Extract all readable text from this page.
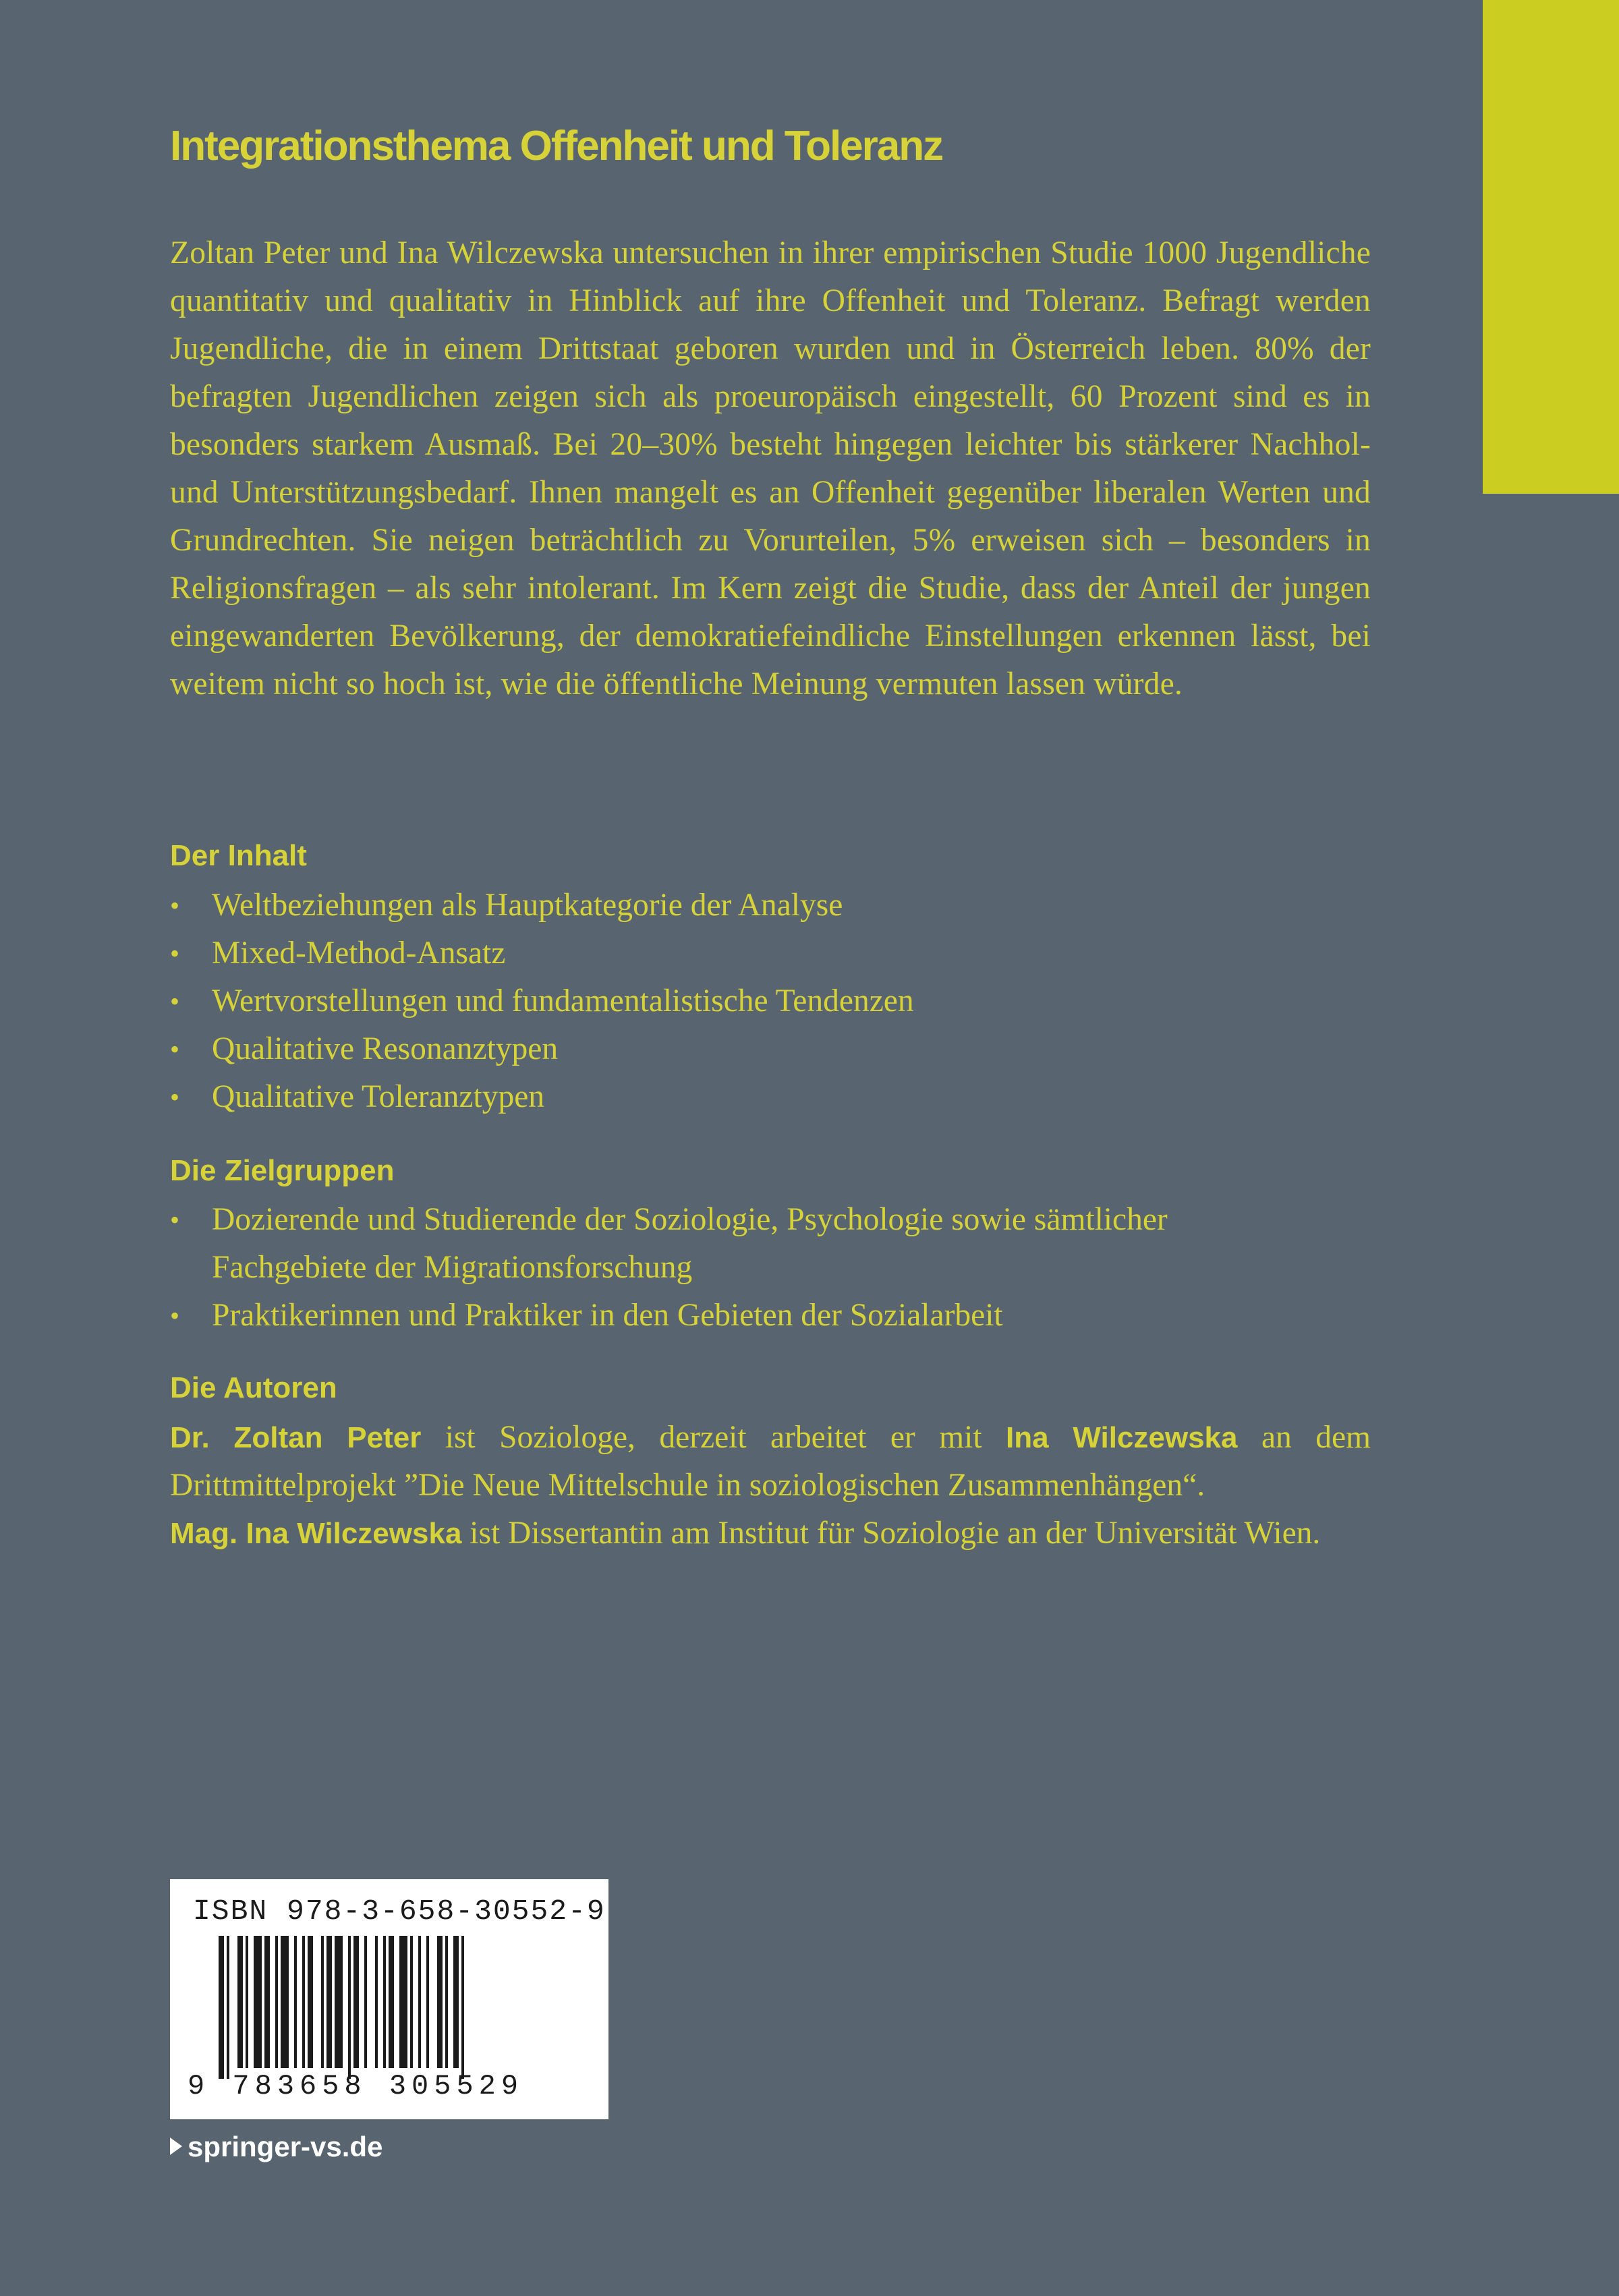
Integrationsthema Offenheit und Toleranz

Zoltan Peter und Ina Wilczewska untersuchen in ihrer empirischen Studie 1000 Jugendliche quantitativ und qualitativ in Hinblick auf ihre Offenheit und Toleranz. Befragt werden Jugendliche, die in einem Drittstaat geboren wurden und in Österreich leben. 80% der befragten Jugendlichen zeigen sich als proeuropäisch eingestellt, 60 Prozent sind es in besonders starkem Ausmaß. Bei 20–30% besteht hingegen leichter bis stärkerer Nachhol- und Unterstützungsbedarf. Ihnen mangelt es an Offenheit gegenüber liberalen Werten und Grundrechten. Sie neigen beträchtlich zu Vorurteilen, 5% erweisen sich – besonders in Religionsfragen – als sehr intolerant. Im Kern zeigt die Studie, dass der Anteil der jungen eingewanderten Bevölkerung, der demokratiefeindliche Einstellungen erkennen lässt, bei weitem nicht so hoch ist, wie die öffentliche Meinung vermuten lassen würde.

Der Inhalt
• Weltbeziehungen als Hauptkategorie der Analyse
• Mixed-Method-Ansatz
• Wertvorstellungen und fundamentalistische Tendenzen
• Qualitative Resonanztypen
• Qualitative Toleranztypen
Die Zielgruppen
• Dozierende und Studierende der Soziologie, Psychologie sowie sämtlicher Fachgebiete der Migrationsforschung
• Praktikerinnen und Praktiker in den Gebieten der Sozialarbeit
Die Autoren

Dr. Zoltan Peter ist Soziologe, derzeit arbeitet er mit Ina Wilczewska an dem Drittmittelprojekt ”Die Neue Mittelschule in soziologischen Zusammenhängen“.

Mag. Ina Wilczewska ist Dissertantin am Institut für Soziologie an der Universität Wien.

ISBN 978-3-658-30552-9
9 783658 305529
springer-vs.de
